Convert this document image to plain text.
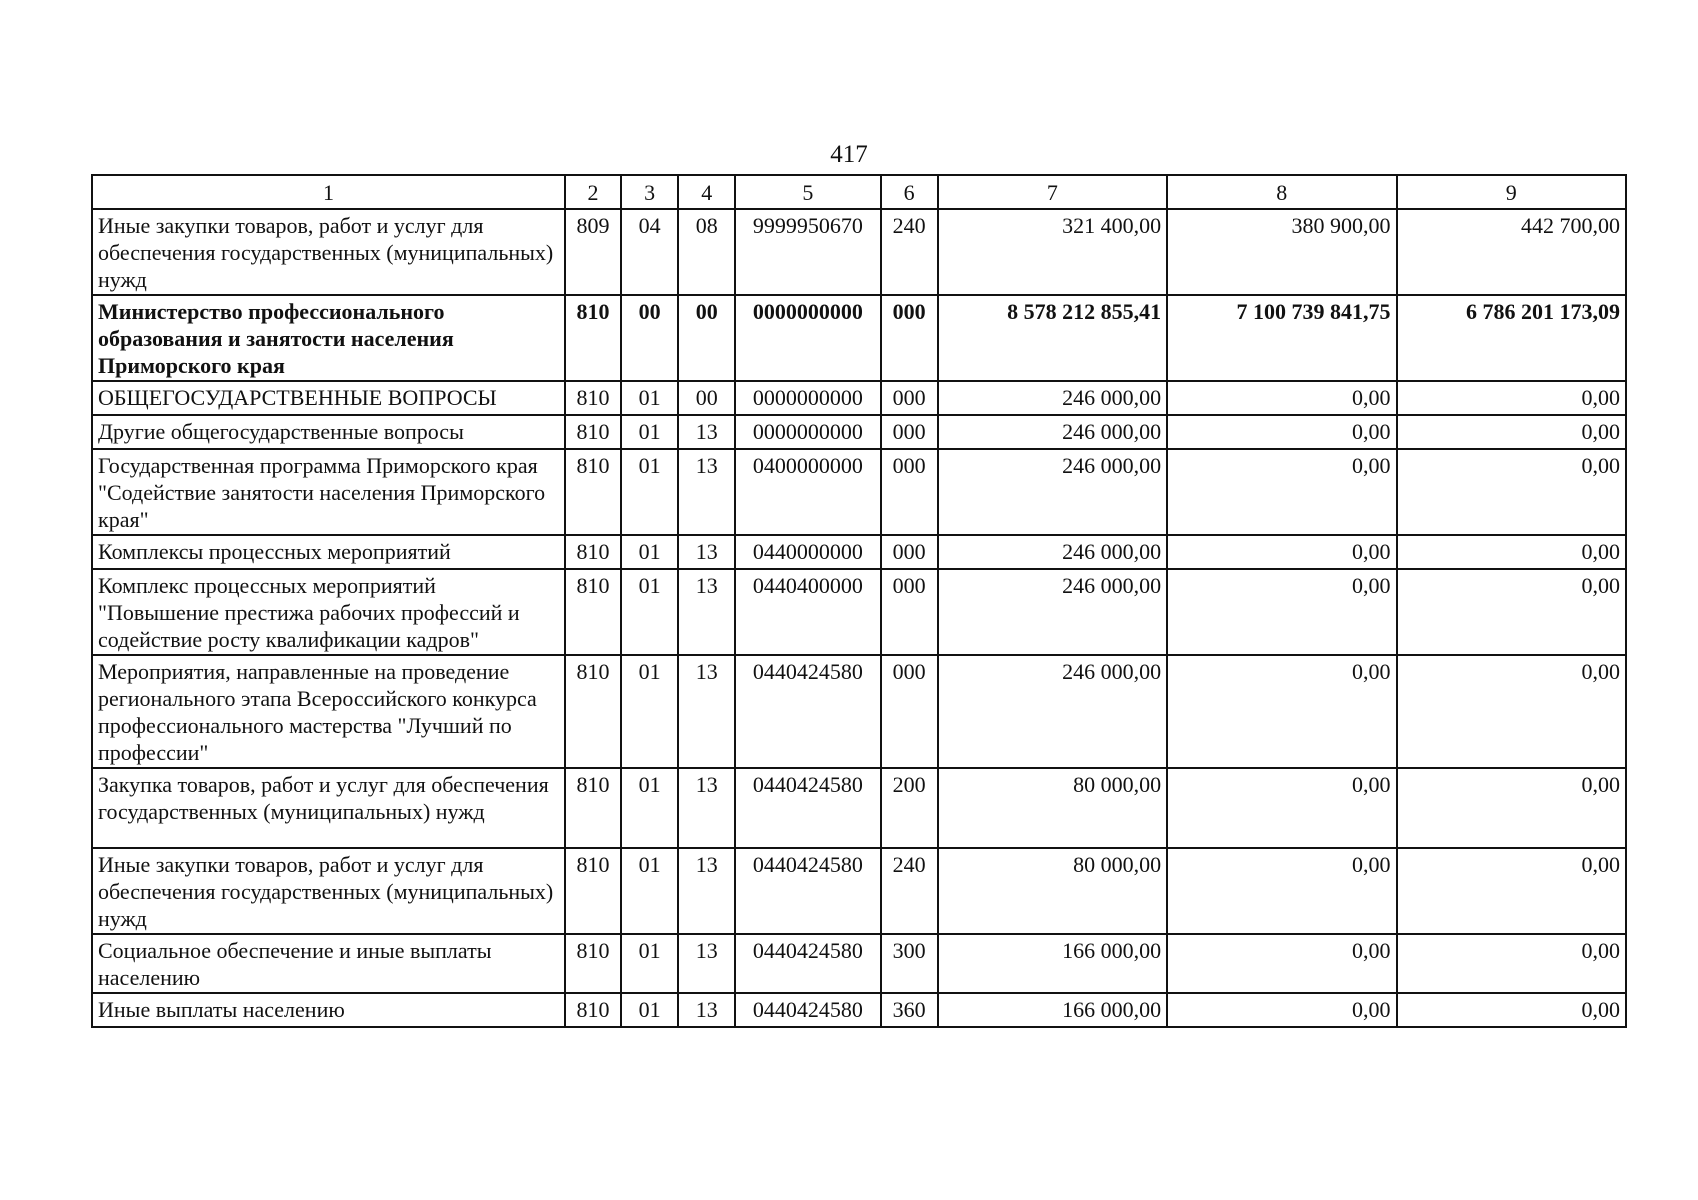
417
1	2	3	4	5	6	7	8	9
Иные закупки товаров, работ и услуг для обеспечения государственных (муниципальных) нужд	809	04	08	9999950670	240	321 400,00	380 900,00	442 700,00
Министерство профессионального образования и занятости населения Приморского края	810	00	00	0000000000	000	8 578 212 855,41	7 100 739 841,75	6 786 201 173,09
ОБЩЕГОСУДАРСТВЕННЫЕ ВОПРОСЫ	810	01	00	0000000000	000	246 000,00	0,00	0,00
Другие общегосударственные вопросы	810	01	13	0000000000	000	246 000,00	0,00	0,00
Государственная программа Приморского края "Содействие занятости населения Приморского края"	810	01	13	0400000000	000	246 000,00	0,00	0,00
Комплексы процессных мероприятий	810	01	13	0440000000	000	246 000,00	0,00	0,00
Комплекс процессных мероприятий "Повышение престижа рабочих профессий и содействие росту квалификации кадров"	810	01	13	0440400000	000	246 000,00	0,00	0,00
Мероприятия, направленные на проведение регионального этапа Всероссийского конкурса профессионального мастерства "Лучший по профессии"	810	01	13	0440424580	000	246 000,00	0,00	0,00
Закупка товаров, работ и услуг для обеспечения государственных (муниципальных) нужд	810	01	13	0440424580	200	80 000,00	0,00	0,00
Иные закупки товаров, работ и услуг для обеспечения государственных (муниципальных) нужд	810	01	13	0440424580	240	80 000,00	0,00	0,00
Социальное обеспечение и иные выплаты населению	810	01	13	0440424580	300	166 000,00	0,00	0,00
Иные выплаты населению	810	01	13	0440424580	360	166 000,00	0,00	0,00
